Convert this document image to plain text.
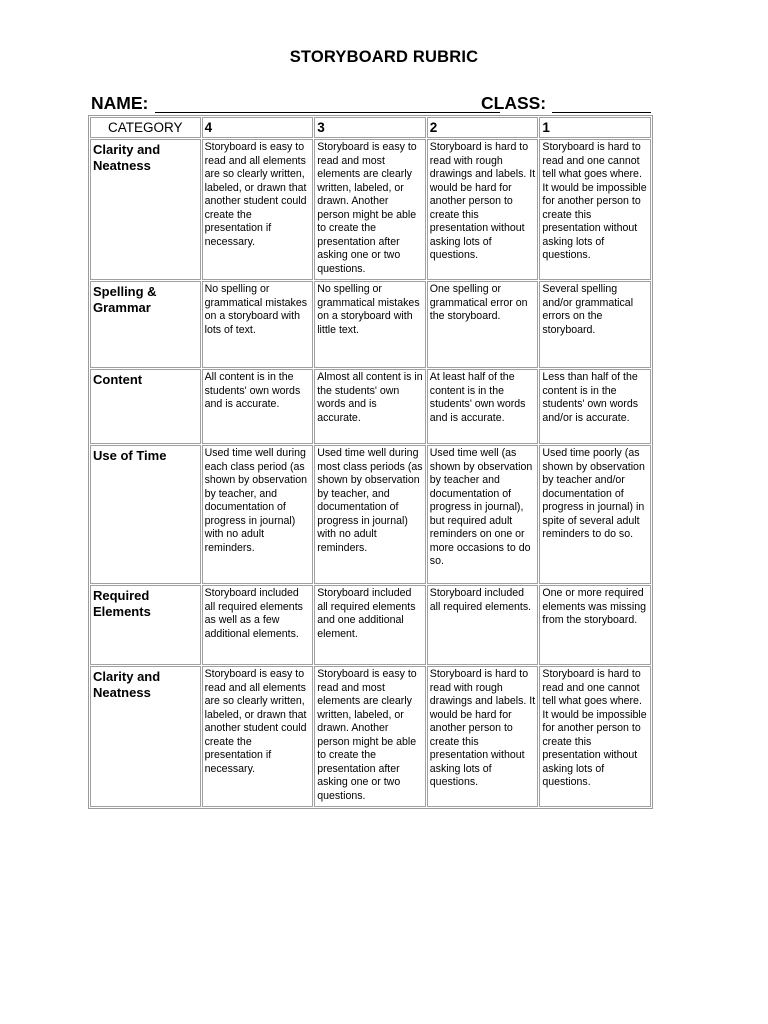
STORYBOARD RUBRIC
NAME:	CLASS:
CATEGORY	4	3	2	1
Clarity and Neatness	Storyboard is easy to read and all elements are so clearly written, labeled, or drawn that another student could create the presentation if necessary.	Storyboard is easy to read and most elements are clearly written, labeled, or drawn. Another person might be able to create the presentation after asking one or two questions.	Storyboard is hard to read with rough drawings and labels. It would be hard for another person to create this presentation without asking lots of questions.	Storyboard is hard to read and one cannot tell what goes where. It would be impossible for another person to create this presentation without asking lots of questions.
Spelling & Grammar	No spelling or grammatical mistakes on a storyboard with lots of text.	No spelling or grammatical mistakes on a storyboard with little text.	One spelling or grammatical error on the storyboard.	Several spelling and/or grammatical errors on the storyboard.
Content	All content is in the students' own words and is accurate.	Almost all content is in the students' own words and is accurate.	At least half of the content is in the students' own words and is accurate.	Less than half of the content is in the students' own words and/or is accurate.
Use of Time	Used time well during each class period (as shown by observation by teacher, and documentation of progress in journal) with no adult reminders.	Used time well during most class periods (as shown by observation by teacher, and documentation of progress in journal) with no adult reminders.	Used time well (as shown by observation by teacher and documentation of progress in journal), but required adult reminders on one or more occasions to do so.	Used time poorly (as shown by observation by teacher and/or documentation of progress in journal) in spite of several adult reminders to do so.
Required Elements	Storyboard included all required elements as well as a few additional elements.	Storyboard included all required elements and one additional element.	Storyboard included all required elements.	One or more required elements was missing from the storyboard.
Clarity and Neatness	Storyboard is easy to read and all elements are so clearly written, labeled, or drawn that another student could create the presentation if necessary.	Storyboard is easy to read and most elements are clearly written, labeled, or drawn. Another person might be able to create the presentation after asking one or two questions.	Storyboard is hard to read with rough drawings and labels. It would be hard for another person to create this presentation without asking lots of questions.	Storyboard is hard to read and one cannot tell what goes where. It would be impossible for another person to create this presentation without asking lots of questions.
